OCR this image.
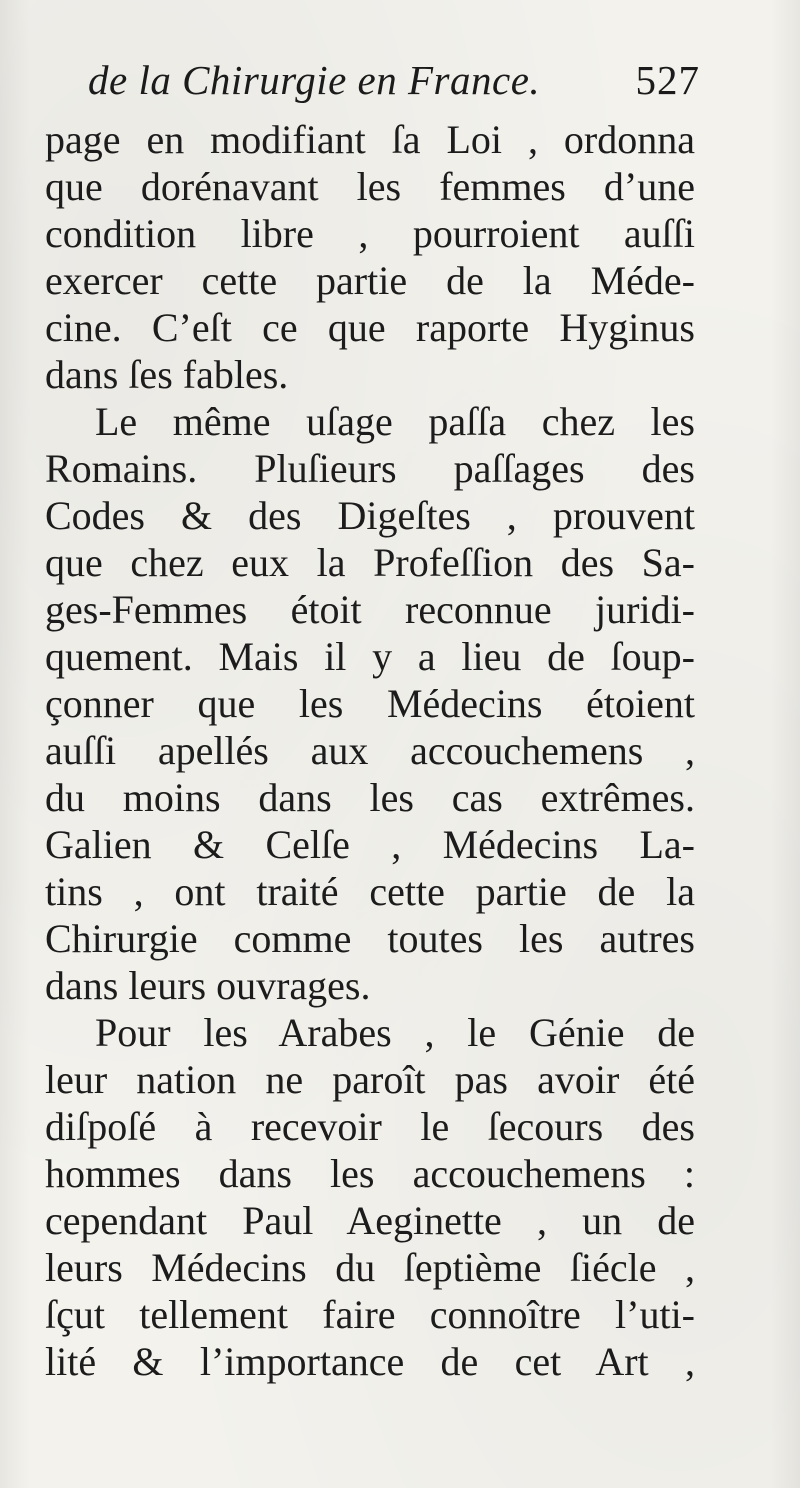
de la Chirurgie en France. 527
page en modifiant ſa Loi , ordonna
que dorénavant les femmes d’une
condition libre , pourroient auſſi
exercer cette partie de la Méde-
cine. C’eſt ce que raporte Hyginus
dans ſes fables.
Le même uſage paſſa chez les
Romains. Pluſieurs paſſages des
Codes & des Digeſtes , prouvent
que chez eux la Profeſſion des Sa-
ges-Femmes étoit reconnue juridi-
quement. Mais il y a lieu de ſoup-
çonner que les Médecins étoient
auſſi apellés aux accouchemens ,
du moins dans les cas extrêmes.
Galien & Celſe , Médecins La-
tins , ont traité cette partie de la
Chirurgie comme toutes les autres
dans leurs ouvrages.
Pour les Arabes , le Génie de
leur nation ne paroît pas avoir été
diſpoſé à recevoir le ſecours des
hommes dans les accouchemens :
cependant Paul Aeginette , un de
leurs Médecins du ſeptième ſiécle ,
ſçut tellement faire connoître l’uti-
lité & l’importance de cet Art ,
